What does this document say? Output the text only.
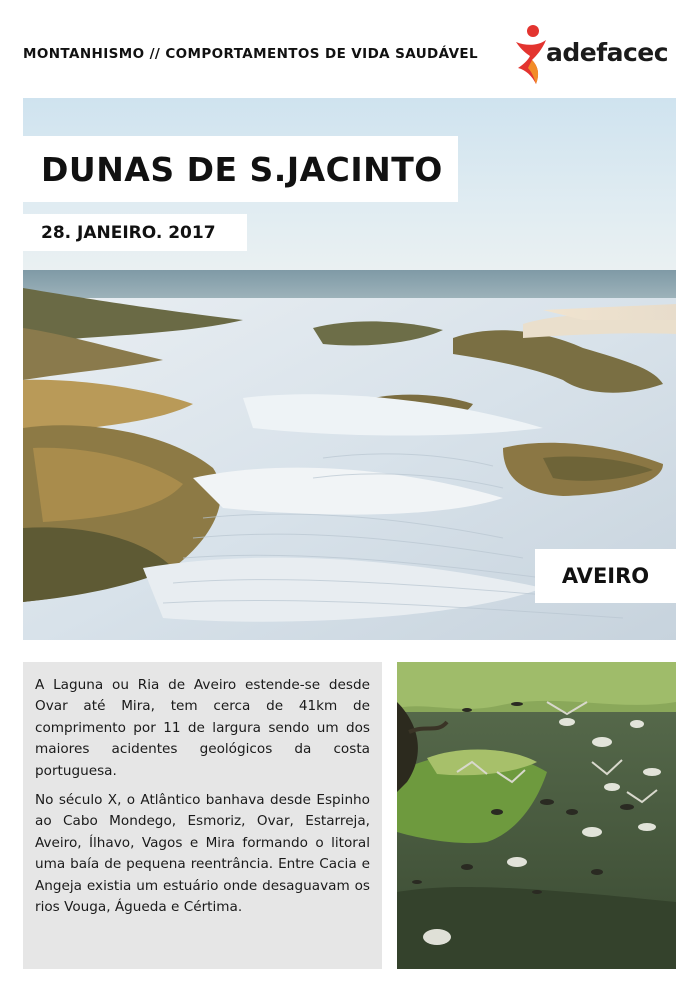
MONTANHISMO // COMPORTAMENTOS DE VIDA SAUDÁVEL	adefacec
DUNAS DE S.JACINTO
28. JANEIRO. 2017
AVEIRO

A Laguna ou Ria de Aveiro estende-se desde Ovar até Mira, tem cerca de 41km de comprimento por 11 de largura sendo um dos maiores acidentes geológicos da costa portuguesa.

No século X, o Atlântico banhava desde Espinho ao Cabo Mondego, Esmoriz, Ovar, Estarreja, Aveiro, Ílhavo, Vagos e Mira formando o litoral uma baía de pequena reentrância. Entre Cacia e Angeja existia um estuário onde desaguavam os rios Vouga, Águeda e Cértima.
